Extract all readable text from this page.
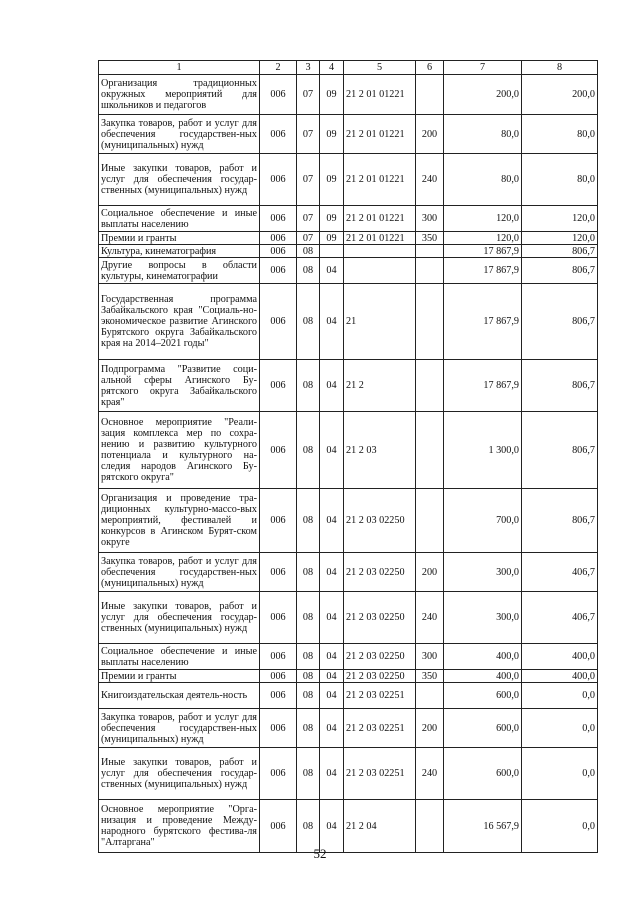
1	2	3	4	5	6	7	8
Организация традиционных окружных мероприятий для школьников и педагогов	006	07	09	21 2 01 01221		200,0	200,0
Закупка товаров, работ и услуг для обеспечения государствен-ных (муниципальных) нужд	006	07	09	21 2 01 01221	200	80,0	80,0
Иные закупки товаров, работ и услуг для обеспечения государ-ственных (муниципальных) нужд	006	07	09	21 2 01 01221	240	80,0	80,0
Социальное обеспечение и иные выплаты населению	006	07	09	21 2 01 01221	300	120,0	120,0
Премии и гранты	006	07	09	21 2 01 01221	350	120,0	120,0
Культура, кинематография	006	08				17 867,9	806,7
Другие вопросы в области культуры, кинематографии	006	08	04			17 867,9	806,7
Государственная программа Забайкальского края "Социаль-но-экономическое развитие Агинского Бурятского округа Забайкальского края на 2014–2021 годы"	006	08	04	21		17 867,9	806,7
Подпрограмма "Развитие соци-альной сферы Агинского Бу-рятского округа Забайкальского края"	006	08	04	21 2		17 867,9	806,7
Основное мероприятие "Реали-зация комплекса мер по сохра-нению и развитию культурного потенциала и культурного на-следия народов Агинского Бу-рятского округа"	006	08	04	21 2 03		1 300,0	806,7
Организация и проведение тра-диционных культурно-массо-вых мероприятий, фестивалей и конкурсов в Агинском Бурят-ском округе	006	08	04	21 2 03 02250		700,0	806,7
Закупка товаров, работ и услуг для обеспечения государствен-ных (муниципальных) нужд	006	08	04	21 2 03 02250	200	300,0	406,7
Иные закупки товаров, работ и услуг для обеспечения государ-ственных (муниципальных) нужд	006	08	04	21 2 03 02250	240	300,0	406,7
Социальное обеспечение и иные выплаты населению	006	08	04	21 2 03 02250	300	400,0	400,0
Премии и гранты	006	08	04	21 2 03 02250	350	400,0	400,0
Книгоиздательская деятель-ность	006	08	04	21 2 03 02251		600,0	0,0
Закупка товаров, работ и услуг для обеспечения государствен-ных (муниципальных) нужд	006	08	04	21 2 03 02251	200	600,0	0,0
Иные закупки товаров, работ и услуг для обеспечения государ-ственных (муниципальных) нужд	006	08	04	21 2 03 02251	240	600,0	0,0
Основное мероприятие "Орга-низация и проведение Между-народного бурятского фестива-ля "Алтаргана"	006	08	04	21 2 04		16 567,9	0,0
52
